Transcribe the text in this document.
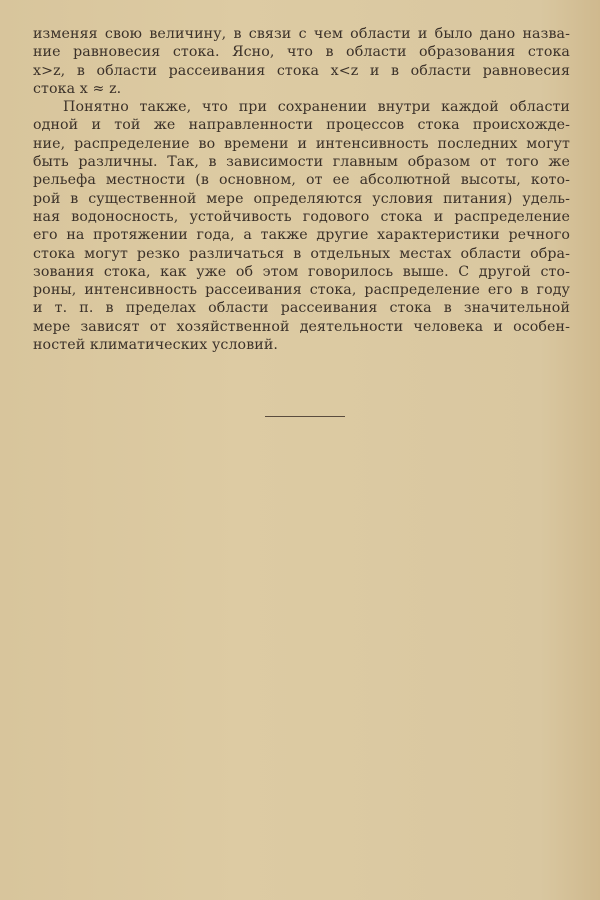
изменяя свою величину, в связи с чем области и было дано назва-
ние равновесия стока. Ясно, что в области образования стока
x>z, в области рассеивания стока x<z и в области равновесия
стока x ≈ z.
Понятно также, что при сохранении внутри каждой области
одной и той же направленности процессов стока происхожде-
ние, распределение во времени и интенсивность последних могут
быть различны. Так, в зависимости главным образом от того же
рельефа местности (в основном, от ее абсолютной высоты, кото-
рой в существенной мере определяются условия питания) удель-
ная водоносность, устойчивость годового стока и распределение
его на протяжении года, а также другие характеристики речного
стока могут резко различаться в отдельных местах области обра-
зования стока, как уже об этом говорилось выше. С другой сто-
роны, интенсивность рассеивания стока, распределение его в году
и т. п. в пределах области рассеивания стока в значительной
мере зависят от хозяйственной деятельности человека и особен-
ностей климатических условий.
